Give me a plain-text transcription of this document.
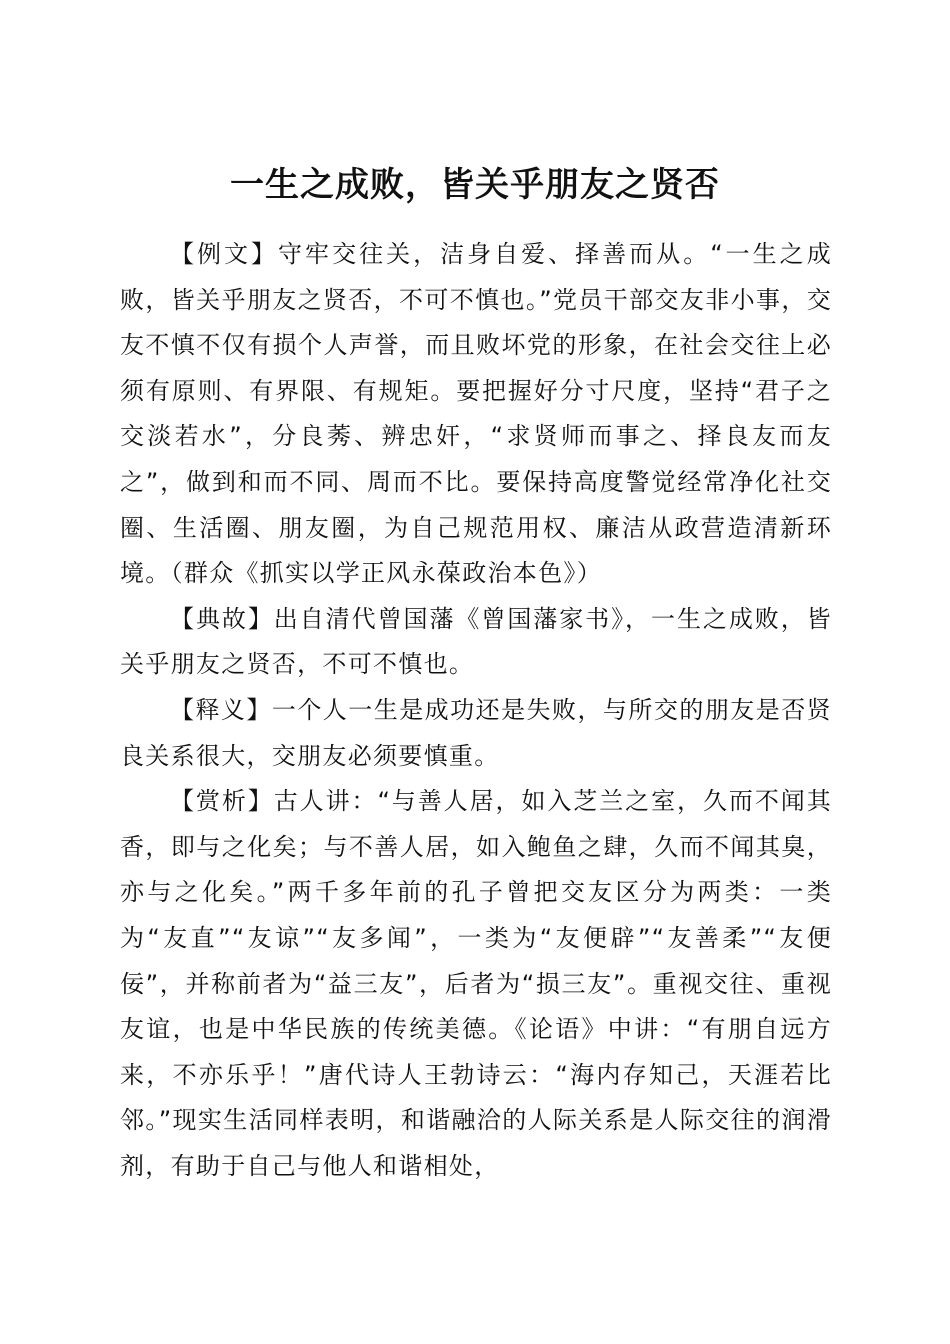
一生之成败，皆关乎朋友之贤否

【例文】守牢交往关，洁身自爱、择善而从。“一生之成败，皆关乎朋友之贤否，不可不慎也。”党员干部交友非小事，交友不慎不仅有损个人声誉，而且败坏党的形象，在社会交往上必须有原则、有界限、有规矩。要把握好分寸尺度，坚持“君子之交淡若水”，分良莠、辨忠奸，“求贤师而事之、择良友而友之”，做到和而不同、周而不比。要保持高度警觉经常净化社交圈、生活圈、朋友圈，为自己规范用权、廉洁从政营造清新环境。（群众《抓实以学正风永葆政治本色》）

【典故】出自清代曾国藩《曾国藩家书》，一生之成败，皆关乎朋友之贤否，不可不慎也。

【释义】一个人一生是成功还是失败，与所交的朋友是否贤良关系很大，交朋友必须要慎重。

【赏析】古人讲：“与善人居，如入芝兰之室，久而不闻其香，即与之化矣；与不善人居，如入鲍鱼之肆，久而不闻其臭，亦与之化矣。”两千多年前的孔子曾把交友区分为两类：一类为“友直”“友谅”“友多闻”，一类为“友便辟”“友善柔”“友便佞”，并称前者为“益三友”，后者为“损三友”。重视交往、重视友谊，也是中华民族的传统美德。《论语》中讲：“有朋自远方来，不亦乐乎！”唐代诗人王勃诗云：“海内存知己，天涯若比邻。”现实生活同样表明，和谐融洽的人际关系是人际交往的润滑剂，有助于自己与他人和谐相处，
